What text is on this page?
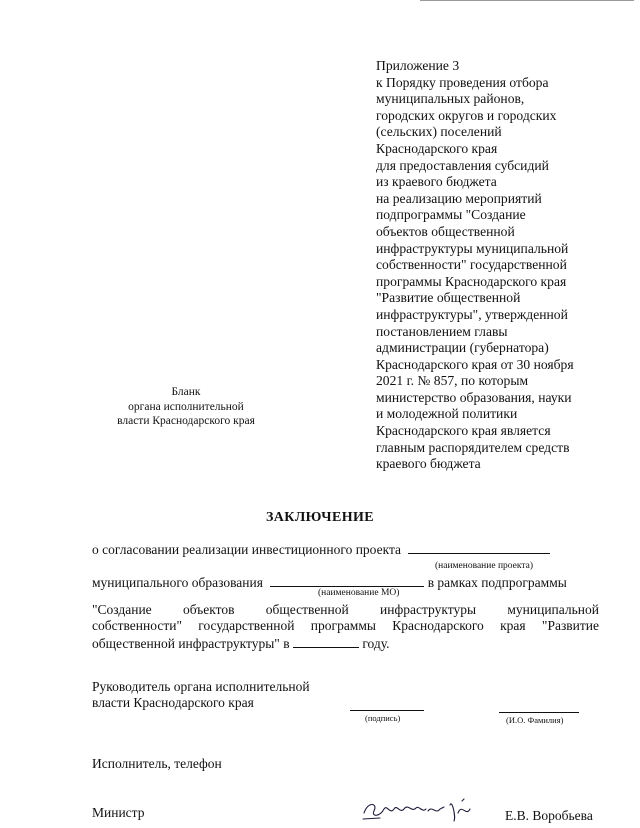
Приложение 3
к Порядку проведения отбора
муниципальных районов,
городских округов и городских
(сельских) поселений
Краснодарского края
для предоставления субсидий
из краевого бюджета
на реализацию мероприятий
подпрограммы "Создание
объектов общественной
инфраструктуры муниципальной
собственности" государственной
программы Краснодарского края
"Развитие общественной
инфраструктуры", утвержденной
постановлением главы
администрации (губернатора)
Краснодарского края от 30 ноября
2021 г. № 857, по которым
министерство образования, науки
и молодежной политики
Краснодарского края является
главным распорядителем средств
краевого бюджета
Бланк
органа исполнительной
власти Краснодарского края
ЗАКЛЮЧЕНИЕ
о согласовании реализации инвестиционного проекта
(наименование проекта)
муниципального образования	в рамках подпрограммы
(наименование МО)
"Создание объектов общественной инфраструктуры муниципальной
собственности" государственной программы Краснодарского края "Развитие
общественной инфраструктуры" в	году.
Руководитель органа исполнительной
власти Краснодарского края
(подпись)	(И.О. Фамилия)
Исполнитель, телефон
Министр	Е.В. Воробьева
